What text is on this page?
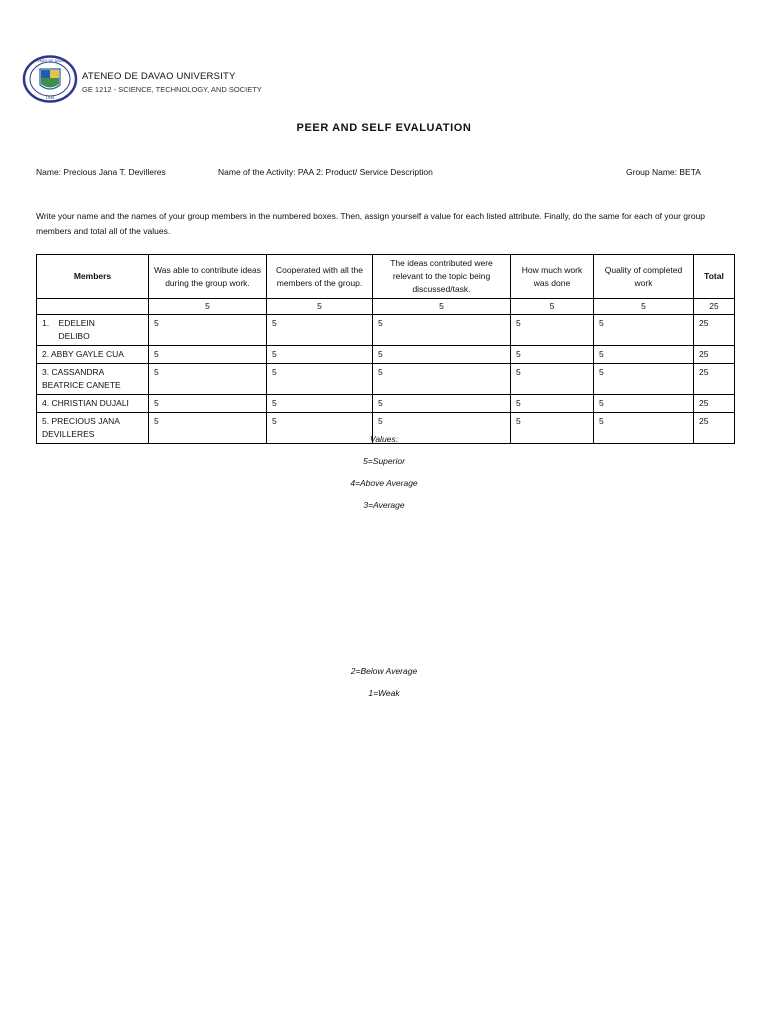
ATENEO DE DAVAO
1948
ATENEO DE DAVAO UNIVERSITY
GE 1212 - SCIENCE, TECHNOLOGY, AND SOCIETY
PEER AND SELF EVALUATION
Name: Precious Jana T. Devilleres	Name of the Activity: PAA 2: Product/ Service Description	Group Name: BETA
Write your name and the names of your group members in the numbered boxes. Then, assign yourself a value for each listed attribute. Finally, do the same for each of your group members and total all of the values.
Members	Was able to contribute ideas during the group work.	Cooperated with all the members of the group.	The ideas contributed were relevant to the topic being discussed/task.	How much work was done	Quality of completed work	Total
	5	5	5	5	5	25
1.    EDELEIN
DELIBO	5	5	5	5	5	25
2. ABBY GAYLE CUA	5	5	5	5	5	25
3. CASSANDRA BEATRICE CANETE	5	5	5	5	5	25
4. CHRISTIAN DUJALI	5	5	5	5	5	25
5. PRECIOUS JANA DEVILLERES	5	5	5	5	5	25
Values:
5=Superior
4=Above Average
3=Average
2=Below Average
1=Weak
